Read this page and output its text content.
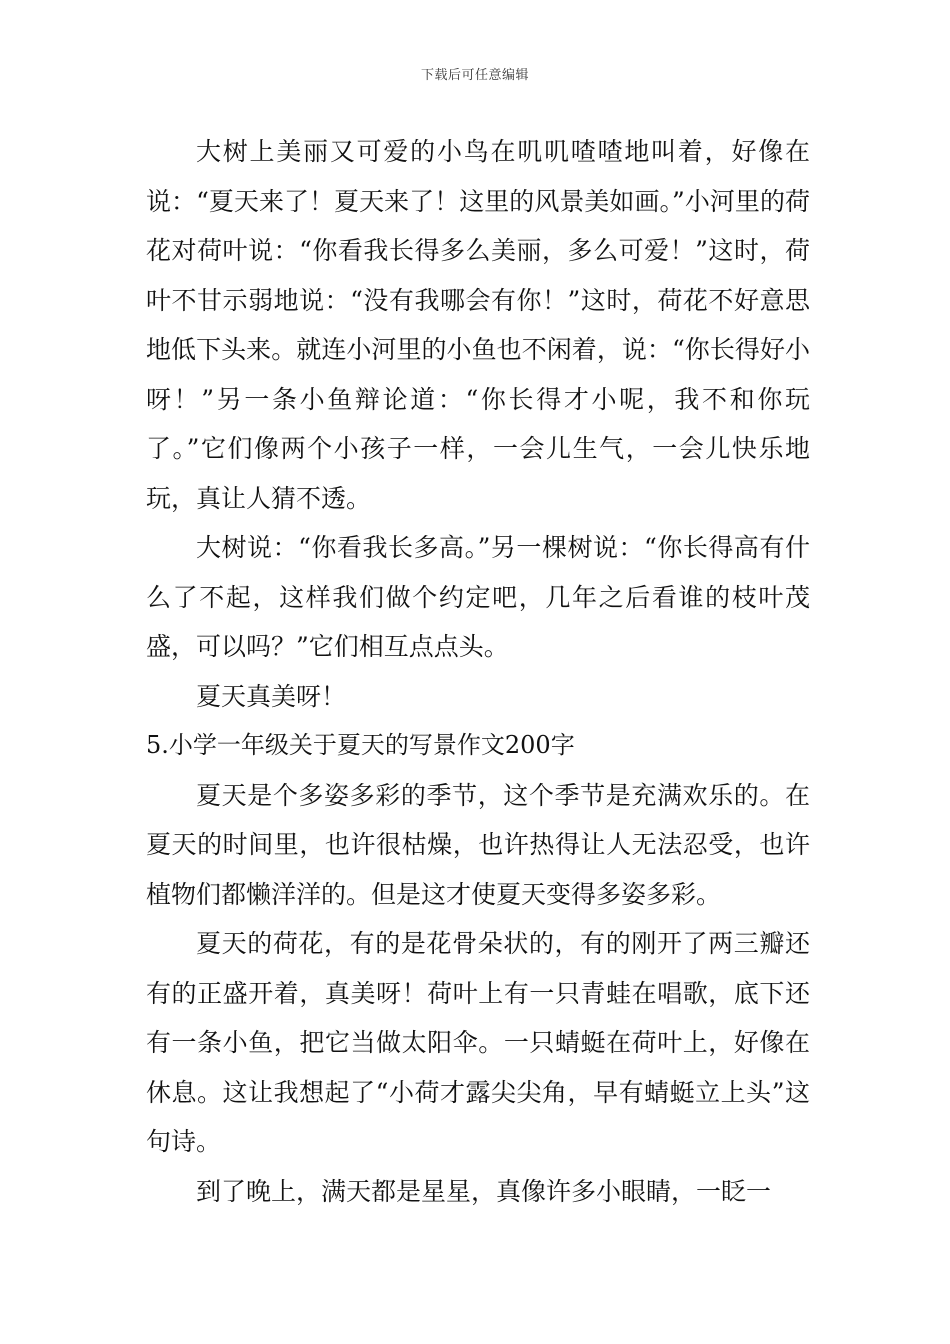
下载后可任意编辑

大树上美丽又可爱的小鸟在叽叽喳喳地叫着，好像在说：“夏天来了！夏天来了！这里的风景美如画。”小河里的荷花对荷叶说：“你看我长得多么美丽，多么可爱！”这时，荷叶不甘示弱地说：“没有我哪会有你！”这时，荷花不好意思地低下头来。就连小河里的小鱼也不闲着，说：“你长得好小呀！”另一条小鱼辩论道：“你长得才小呢，我不和你玩了。”它们像两个小孩子一样，一会儿生气，一会儿快乐地玩，真让人猜不透。

大树说：“你看我长多高。”另一棵树说：“你长得高有什么了不起，这样我们做个约定吧，几年之后看谁的枝叶茂盛，可以吗？”它们相互点点头。

夏天真美呀！

5.小学一年级关于夏天的写景作文200字

夏天是个多姿多彩的季节，这个季节是充满欢乐的。在夏天的时间里，也许很枯燥，也许热得让人无法忍受，也许植物们都懒洋洋的。但是这才使夏天变得多姿多彩。

夏天的荷花，有的是花骨朵状的，有的刚开了两三瓣还有的正盛开着，真美呀！荷叶上有一只青蛙在唱歌，底下还有一条小鱼，把它当做太阳伞。一只蜻蜓在荷叶上，好像在休息。这让我想起了“小荷才露尖尖角，早有蜻蜓立上头”这句诗。

到了晚上，满天都是星星，真像许多小眼睛，一眨一
